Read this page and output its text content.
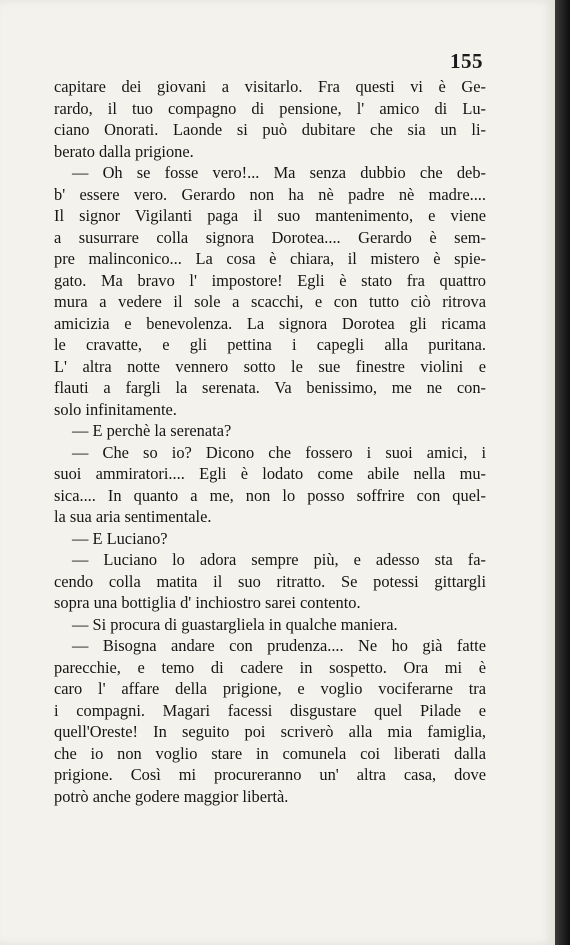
155
capitare dei giovani a visitarlo. Fra questi vi è Ge-
rardo, il tuo compagno di pensione, l' amico di Lu-
ciano Onorati. Laonde si può dubitare che sia un li-
berato dalla prigione.
— Oh se fosse vero!... Ma senza dubbio che deb-
b' essere vero. Gerardo non ha nè padre nè madre....
Il signor Vigilanti paga il suo mantenimento, e viene
a susurrare colla signora Dorotea.... Gerardo è sem-
pre malinconico... La cosa è chiara, il mistero è spie-
gato. Ma bravo l' impostore! Egli è stato fra quattro
mura a vedere il sole a scacchi, e con tutto ciò ritrova
amicizia e benevolenza. La signora Dorotea gli ricama
le cravatte, e gli pettina i capegli alla puritana.
L' altra notte vennero sotto le sue finestre violini e
flauti a fargli la serenata. Va benissimo, me ne con-
solo infinitamente.
— E perchè la serenata?
— Che so io? Dicono che fossero i suoi amici, i
suoi ammiratori.... Egli è lodato come abile nella mu-
sica.... In quanto a me, non lo posso soffrire con quel-
la sua aria sentimentale.
— E Luciano?
— Luciano lo adora sempre più, e adesso sta fa-
cendo colla matita il suo ritratto. Se potessi gittargli
sopra una bottiglia d' inchiostro sarei contento.
— Si procura di guastargliela in qualche maniera.
— Bisogna andare con prudenza.... Ne ho già fatte
parecchie, e temo di cadere in sospetto. Ora mi è
caro l' affare della prigione, e voglio vociferarne tra
i compagni. Magari facessi disgustare quel Pilade e
quell'Oreste! In seguito poi scriverò alla mia famiglia,
che io non voglio stare in comunela coi liberati dalla
prigione. Così mi procureranno un' altra casa, dove
potrò anche godere maggior libertà.
